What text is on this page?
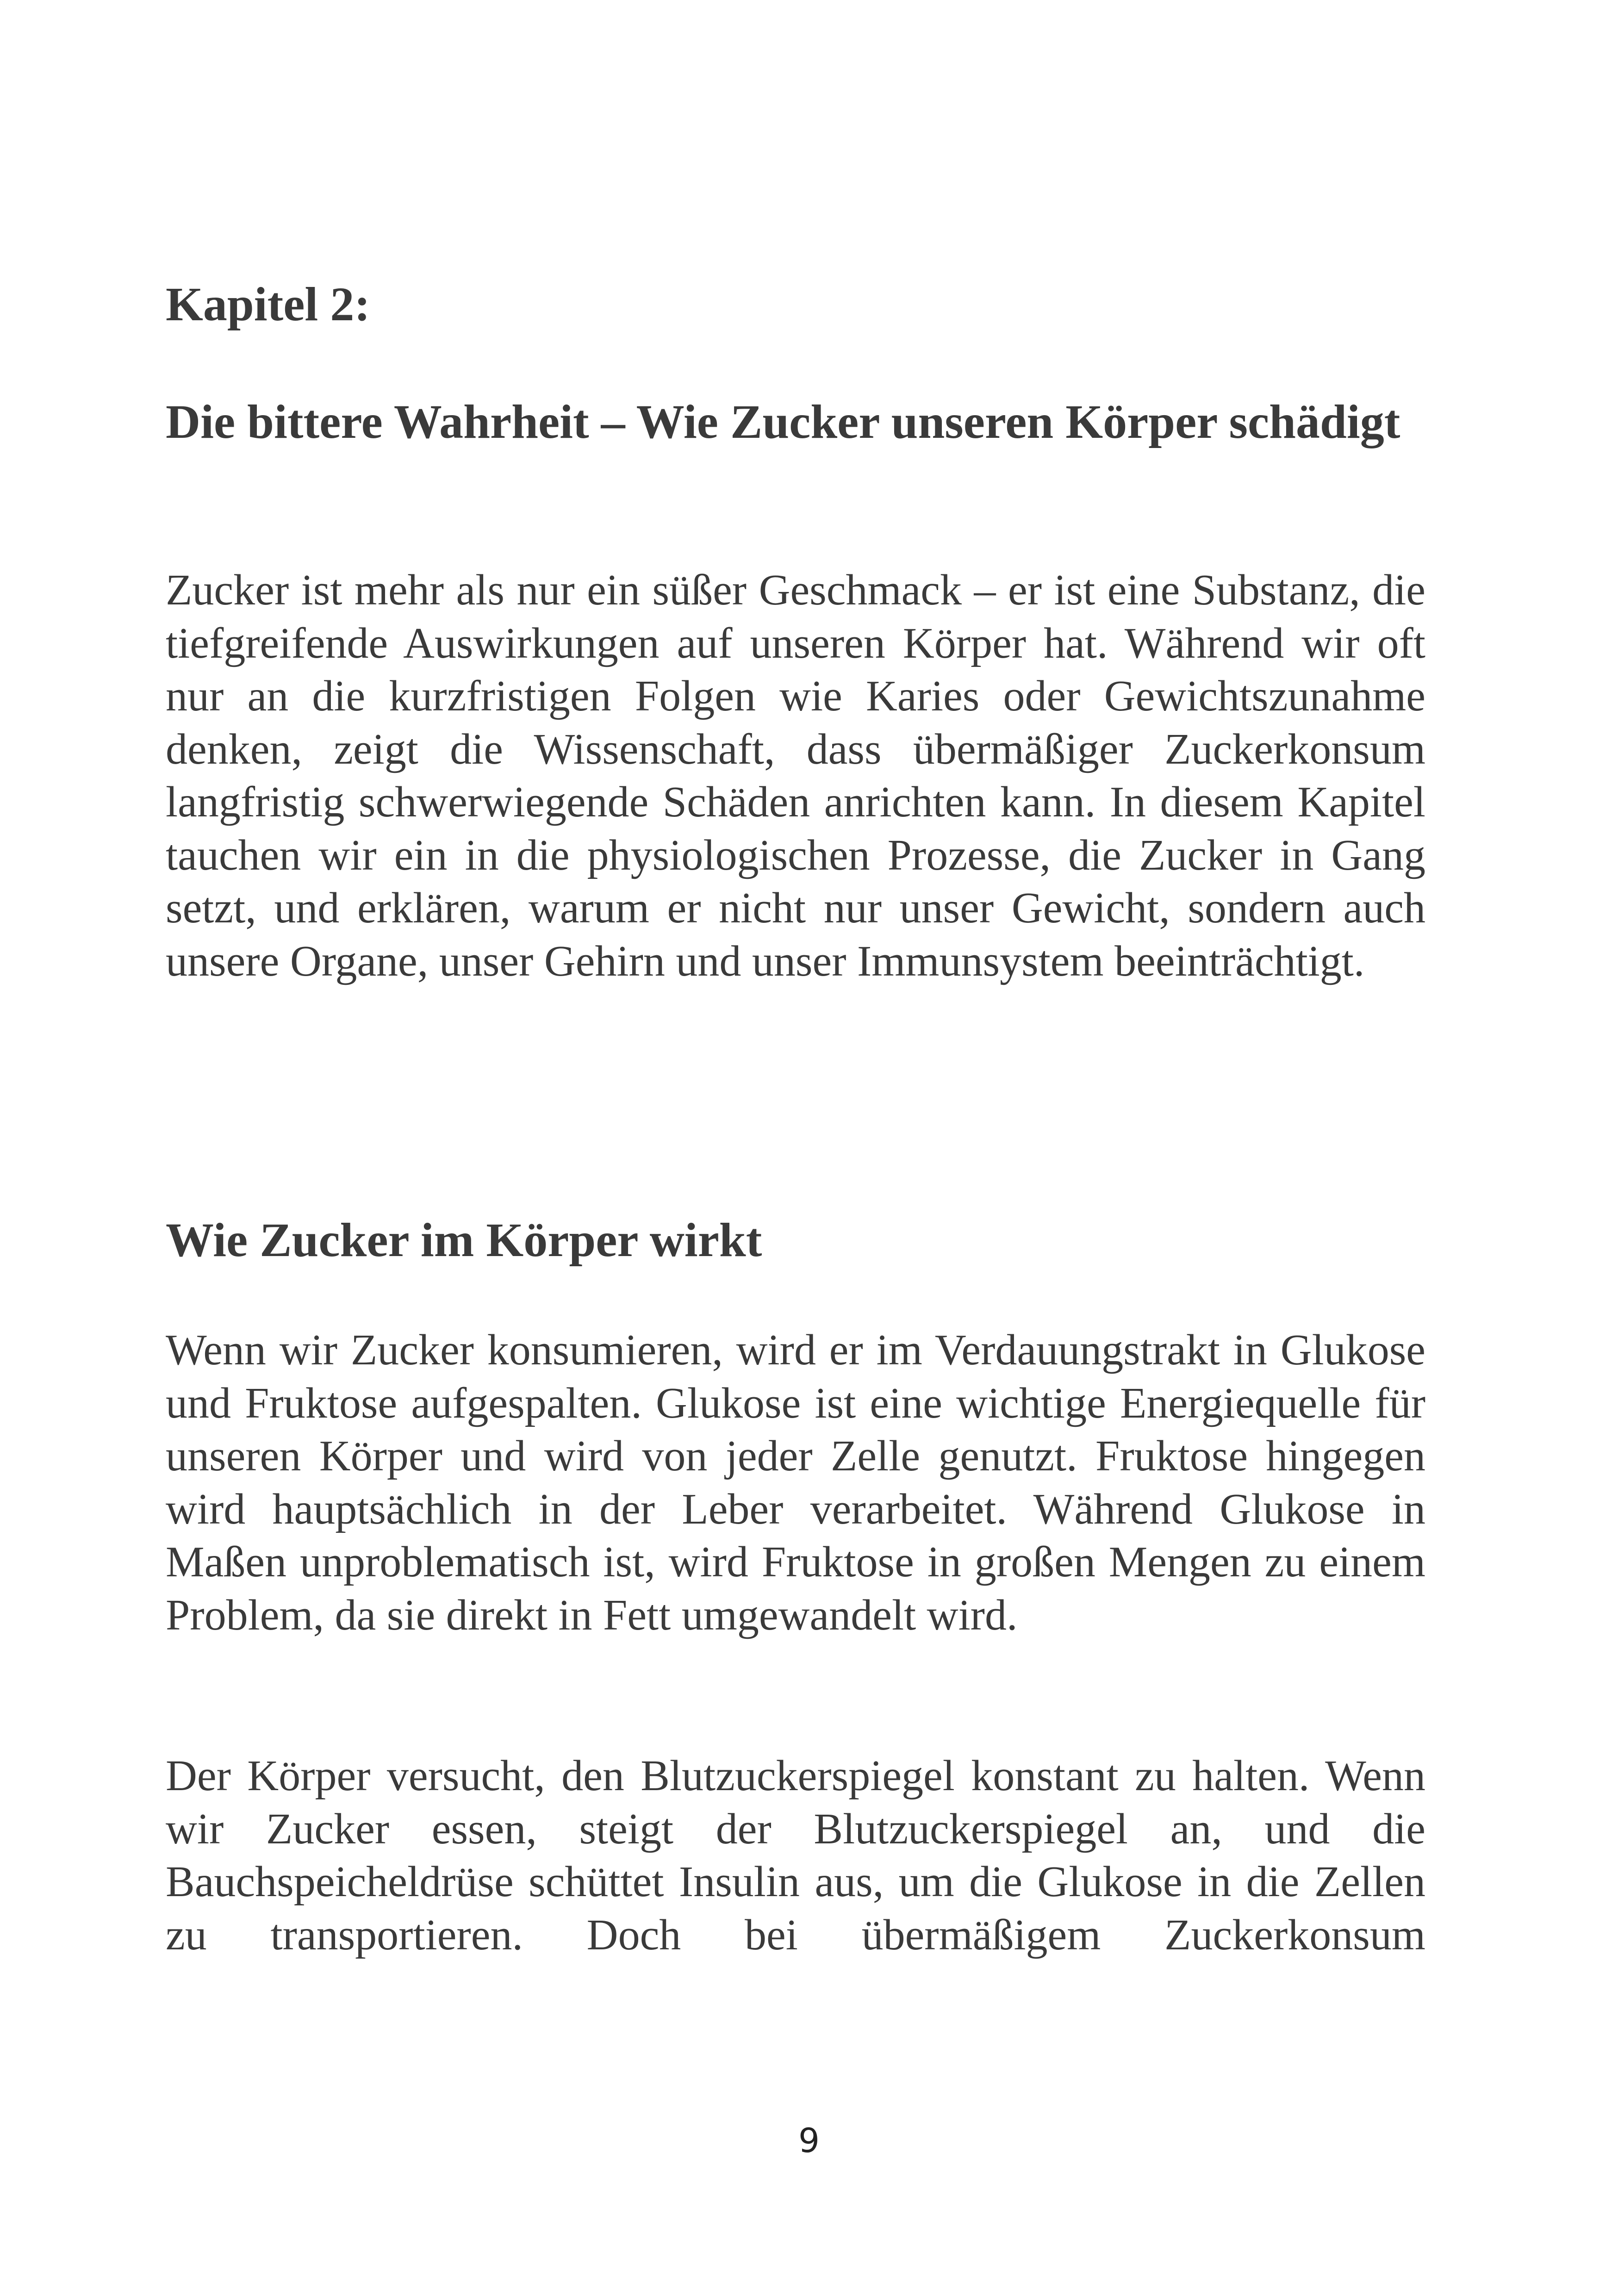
Kapitel 2:
Die bittere Wahrheit – Wie Zucker unseren Körper schädigt

Zucker ist mehr als nur ein süßer Geschmack – er ist eine Substanz, die tiefgreifende Auswirkungen auf unseren Körper hat. Während wir oft nur an die kurzfristigen Folgen wie Karies oder Gewichtszunahme denken, zeigt die Wissenschaft, dass übermäßiger Zuckerkonsum langfristig schwerwiegende Schäden anrichten kann. In diesem Kapitel tauchen wir ein in die physiologischen Prozesse, die Zucker in Gang setzt, und erklären, warum er nicht nur unser Gewicht, sondern auch unsere Organe, unser Gehirn und unser Immunsystem beeinträchtigt.

Wie Zucker im Körper wirkt

Wenn wir Zucker konsumieren, wird er im Verdauungstrakt in Glukose und Fruktose aufgespalten. Glukose ist eine wichtige Energiequelle für unseren Körper und wird von jeder Zelle genutzt. Fruktose hingegen wird hauptsächlich in der Leber verarbeitet. Während Glukose in Maßen unproblematisch ist, wird Fruktose in großen Mengen zu einem Problem, da sie direkt in Fett umgewandelt wird.

Der Körper versucht, den Blutzuckerspiegel konstant zu halten. Wenn wir Zucker essen, steigt der Blutzuckerspiegel an, und die Bauchspeicheldrüse schüttet Insulin aus, um die Glukose in die Zellen zu transportieren. Doch bei übermäßigem Zuckerkonsum

9
